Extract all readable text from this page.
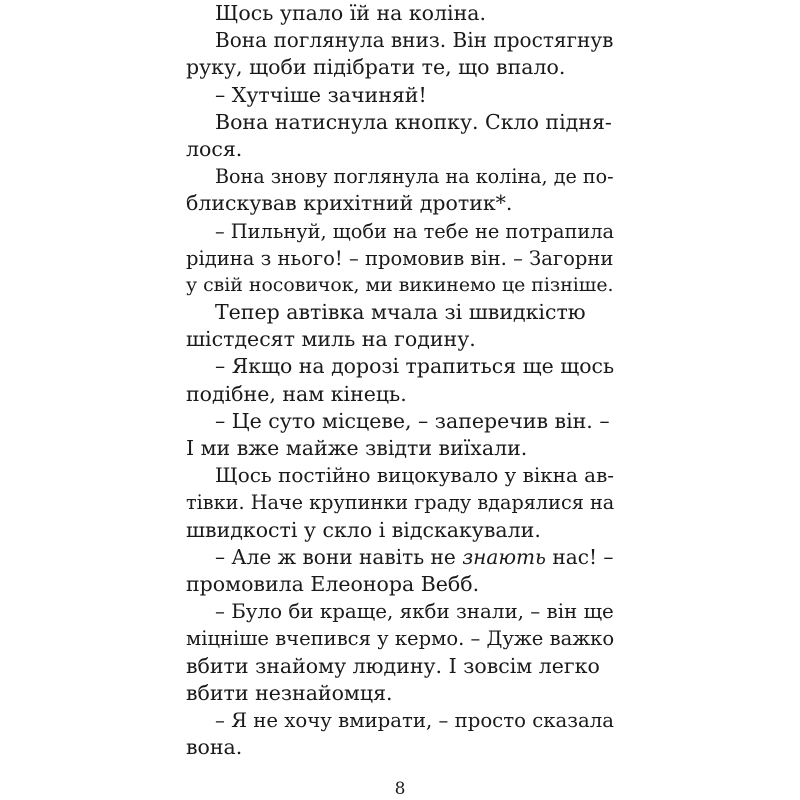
Щось упало їй на коліна.
Вона поглянула вниз. Він простягнув
руку, щоби підібрати те, що впало.
– Хутчіше зачиняй!
Вона натиснула кнопку. Скло підня-
лося.
Вона знову поглянула на коліна, де по-
блискував крихітний дротик*.
– Пильнуй, щоби на тебе не потрапила
рідина з нього! – промовив він. – Загорни
у свій носовичок, ми викинемо це пізніше.
Тепер автівка мчала зі швидкістю
шістдесят миль на годину.
– Якщо на дорозі трапиться ще щось
подібне, нам кінець.
– Це суто місцеве, – заперечив він. –
І ми вже майже звідти виїхали.
Щось постійно вицокувало у вікна ав-
тівки. Наче крупинки граду вдарялися на
швидкості у скло і відскакували.
– Але ж вони навіть не знають нас! –
промовила Елеонора Вебб.
– Було би краще, якби знали, – він ще
міцніше вчепився у кермо. – Дуже важко
вбити знайому людину. І зовсім легко
вбити незнайомця.
– Я не хочу вмирати, – просто сказала
вона.
8
